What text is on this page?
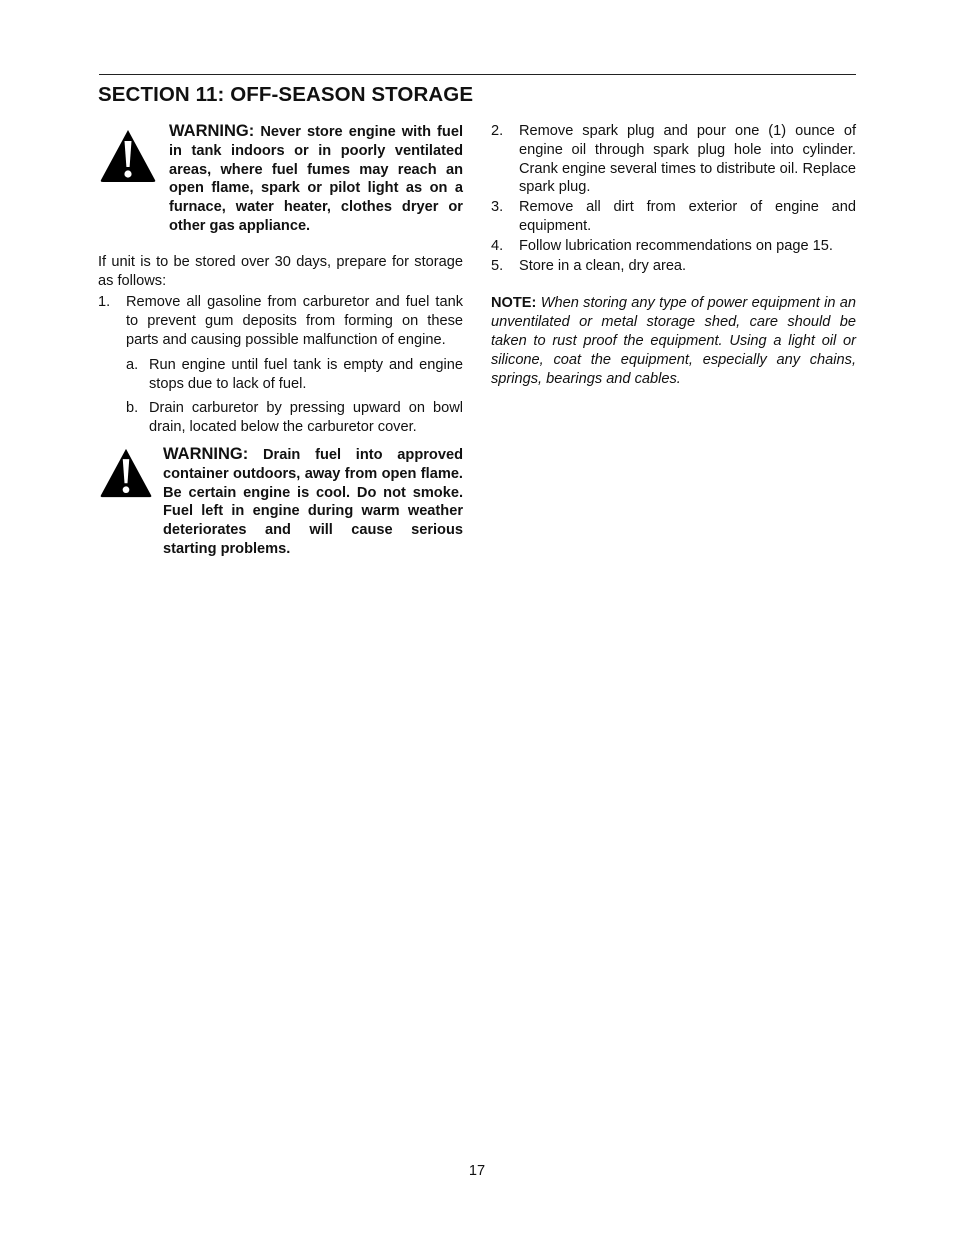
SECTION 11: OFF-SEASON STORAGE
WARNING: Never store engine with fuel in tank indoors or in poorly ventilated areas, where fuel fumes may reach an open flame, spark or pilot light as on a furnace, water heater, clothes dryer or other gas appliance.

If unit is to be stored over 30 days, prepare for storage as follows:

1.	Remove all gasoline from carburetor and fuel tank to prevent gum deposits from forming on these parts and causing possible malfunction of engine.
a. Run engine until fuel tank is empty and engine stops due to lack of fuel.
b. Drain carburetor by pressing upward on bowl drain, located below the carburetor cover.
WARNING: Drain fuel into approved container outdoors, away from open flame. Be certain engine is cool. Do not smoke. Fuel left in engine during warm weather deteriorates and will cause serious starting problems.
2.	Remove spark plug and pour one (1) ounce of engine oil through spark plug hole into cylinder. Crank engine several times to distribute oil. Replace spark plug.
3.	Remove all dirt from exterior of engine and equipment.
4.	Follow lubrication recommendations on page 15.
5.	Store in a clean, dry area.

NOTE: When storing any type of power equipment in an unventilated or metal storage shed, care should be taken to rust proof the equipment. Using a light oil or silicone, coat the equipment, especially any chains, springs, bearings and cables.

17
